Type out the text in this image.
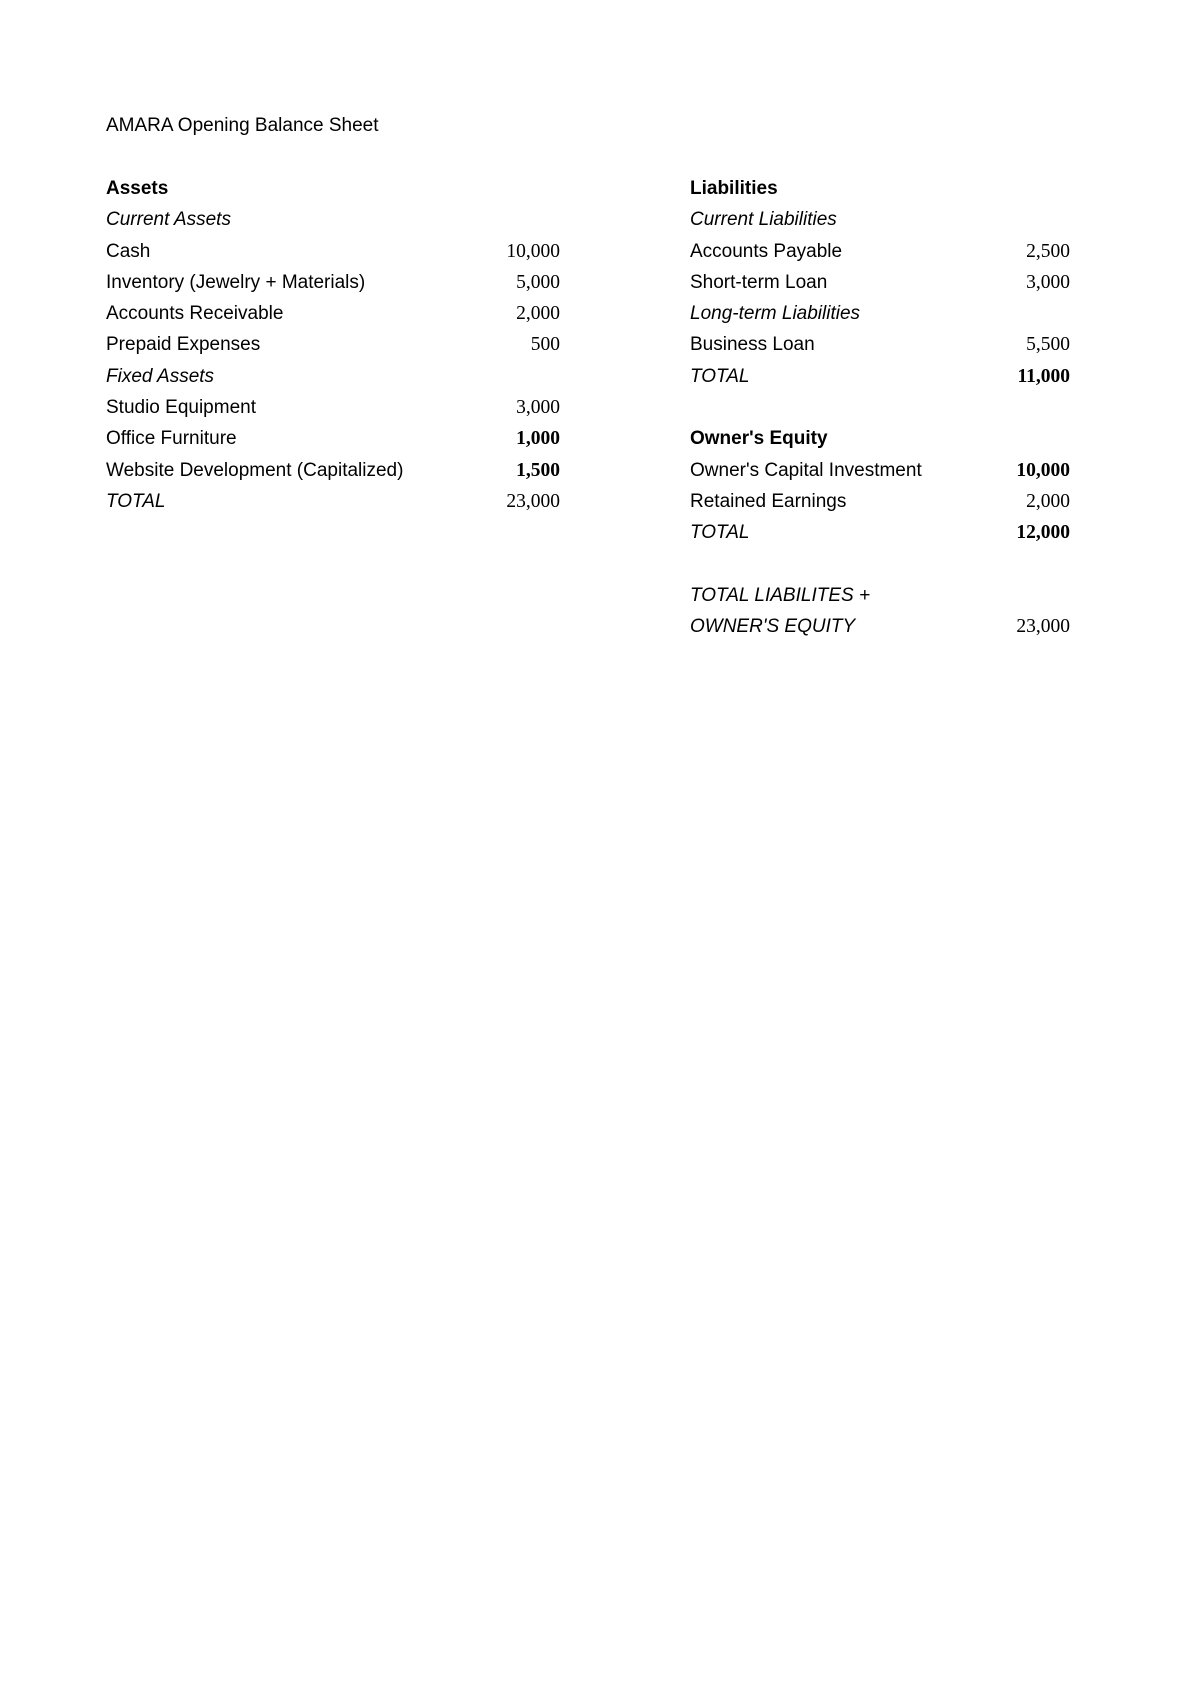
AMARA Opening Balance Sheet
Assets
Current Assets
Cash	10,000
Inventory (Jewelry + Materials)	5,000
Accounts Receivable	2,000
Prepaid Expenses	500
Fixed Assets
Studio Equipment	3,000
Office Furniture	1,000
Website Development (Capitalized)	1,500
TOTAL	23,000
Liabilities
Current Liabilities
Accounts Payable	2,500
Short-term Loan	3,000
Long-term Liabilities
Business Loan	5,500
TOTAL	11,000
Owner's Equity
Owner's Capital Investment	10,000
Retained Earnings	2,000
TOTAL	12,000
TOTAL LIABILITES +
OWNER'S EQUITY	23,000
